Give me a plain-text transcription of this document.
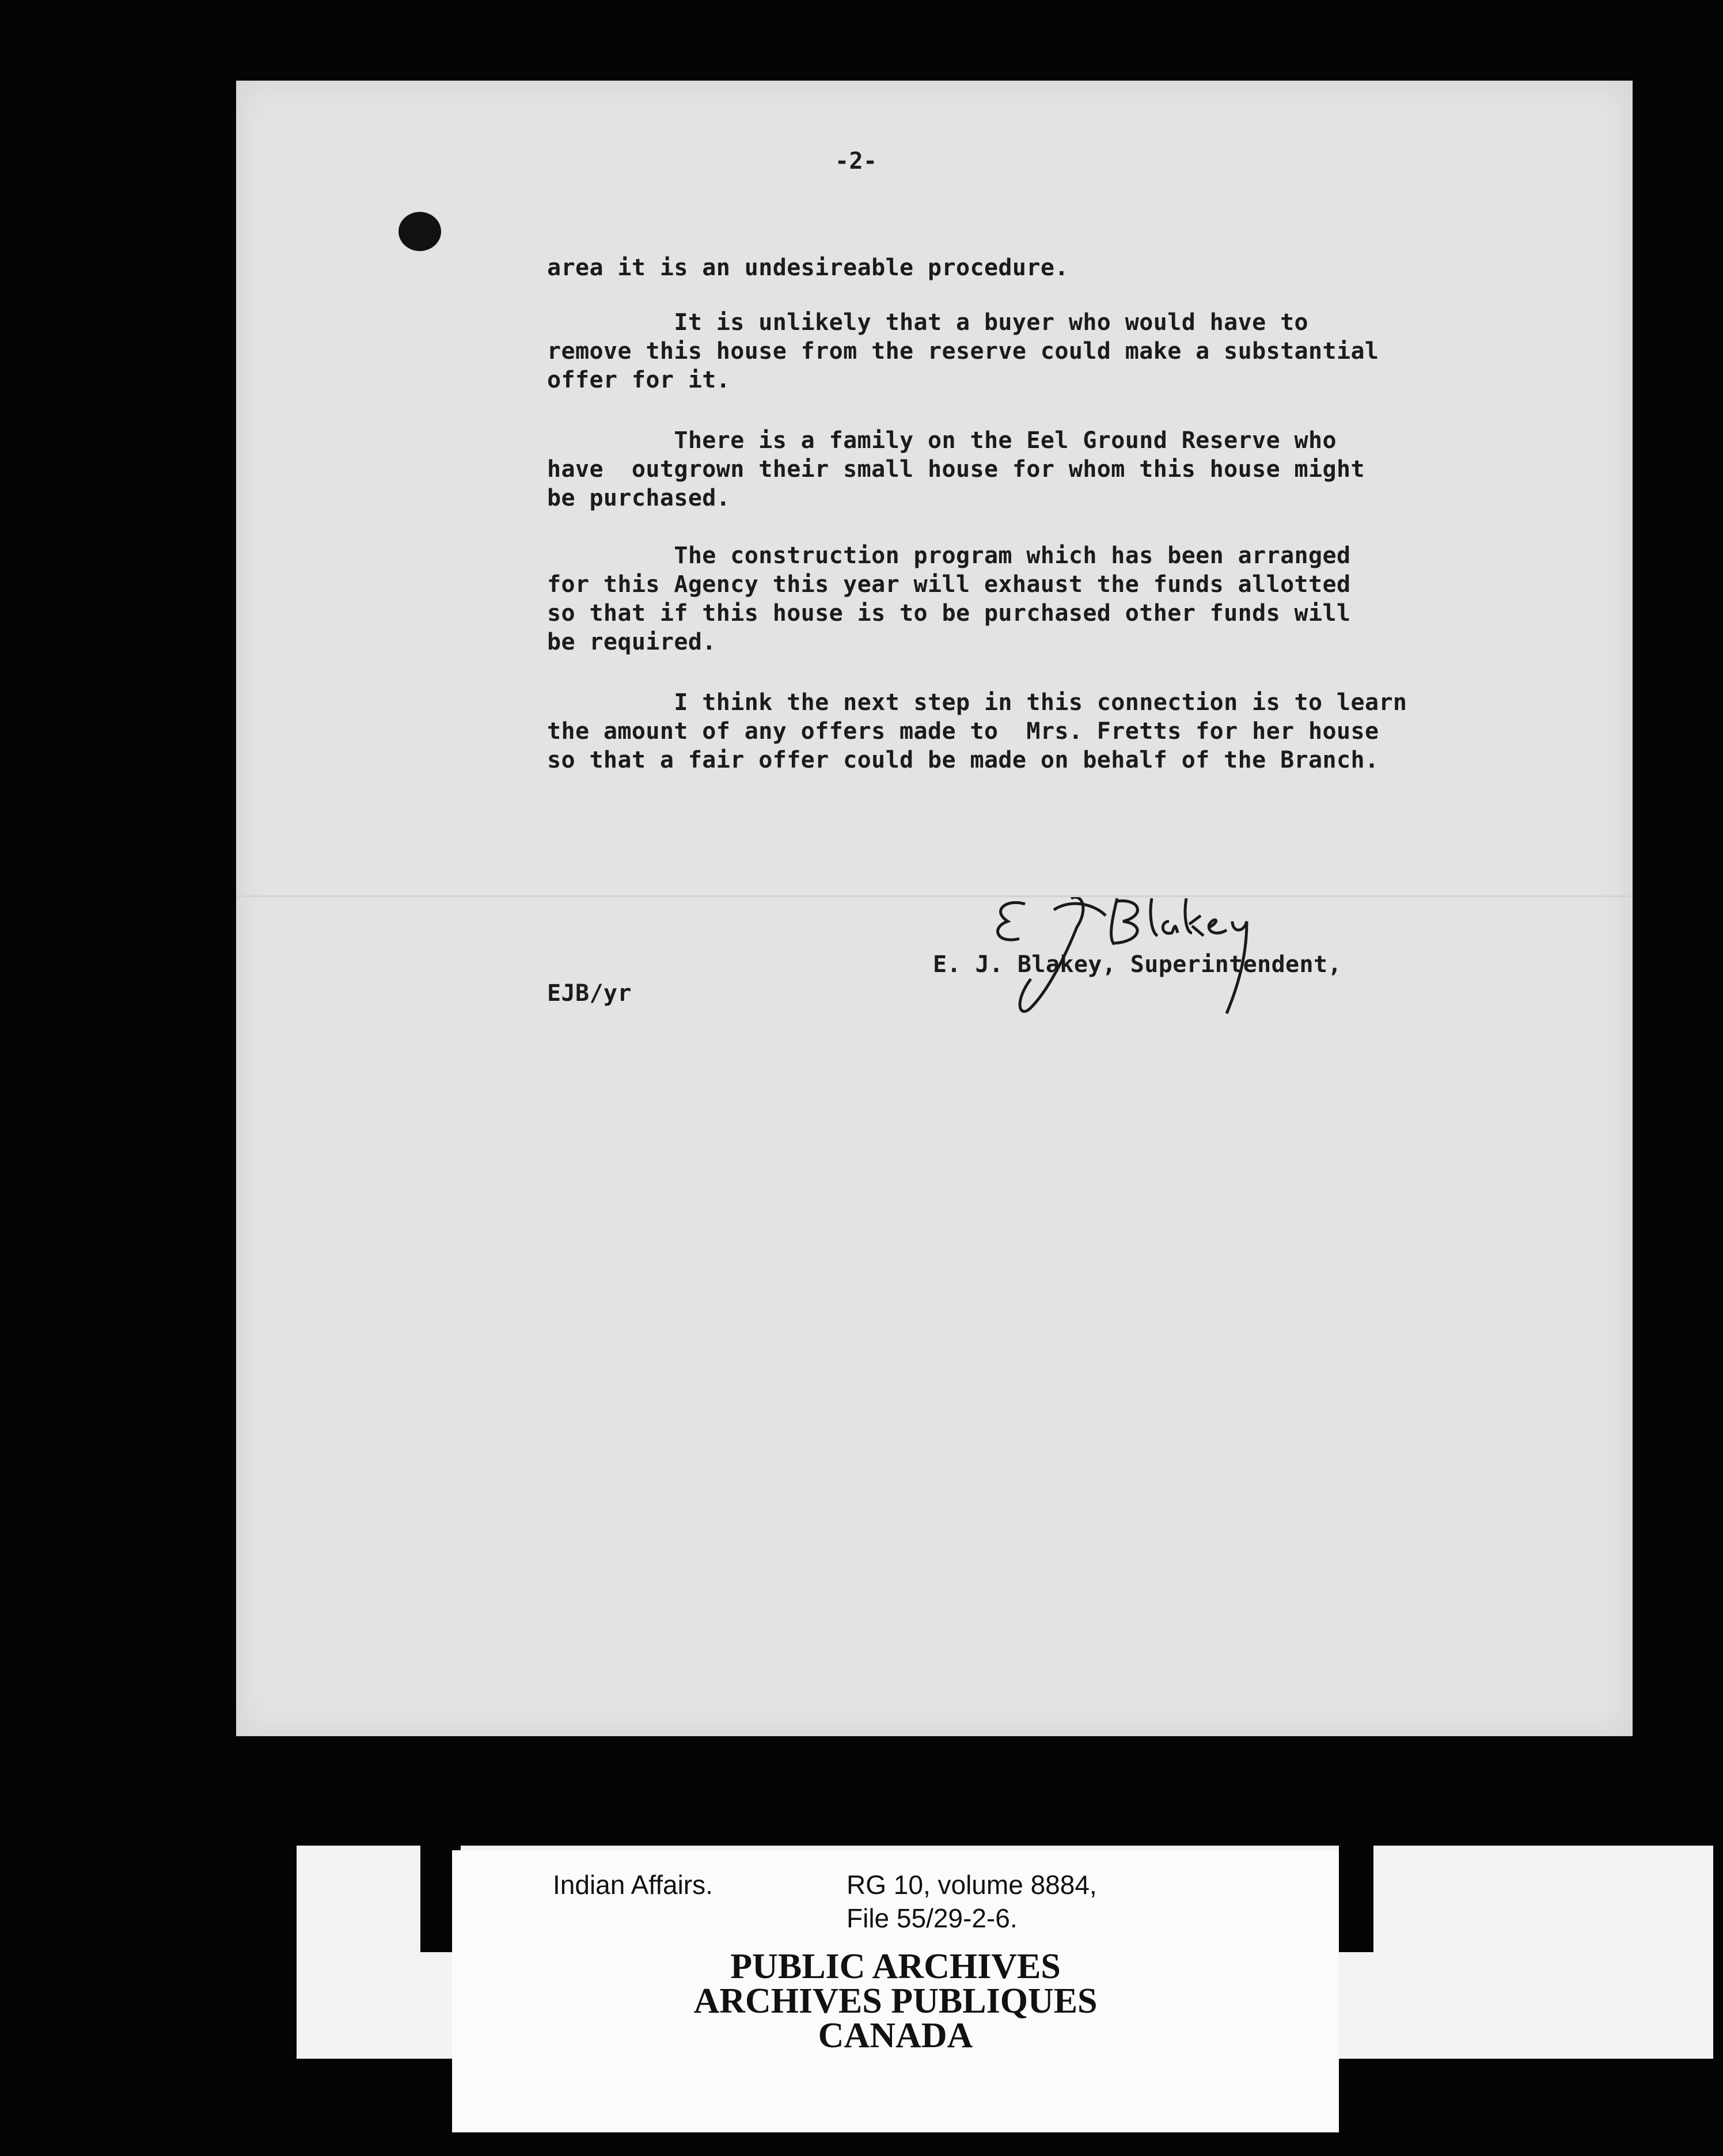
-2-
area it is an undesireable procedure.
It is unlikely that a buyer who would have to
remove this house from the reserve could make a substantial
offer for it.
There is a family on the Eel Ground Reserve who
have  outgrown their small house for whom this house might
be purchased.
The construction program which has been arranged
for this Agency this year will exhaust the funds allotted
so that if this house is to be purchased other funds will
be required.
I think the next step in this connection is to learn
the amount of any offers made to  Mrs. Fretts for her house
so that a fair offer could be made on behalf of the Branch.
E. J. Blakey, Superintendent,
EJB/yr
Indian Affairs.	RG 10, volume 8884,
File 55/29-2-6.
PUBLIC ARCHIVES
ARCHIVES PUBLIQUES
CANADA
